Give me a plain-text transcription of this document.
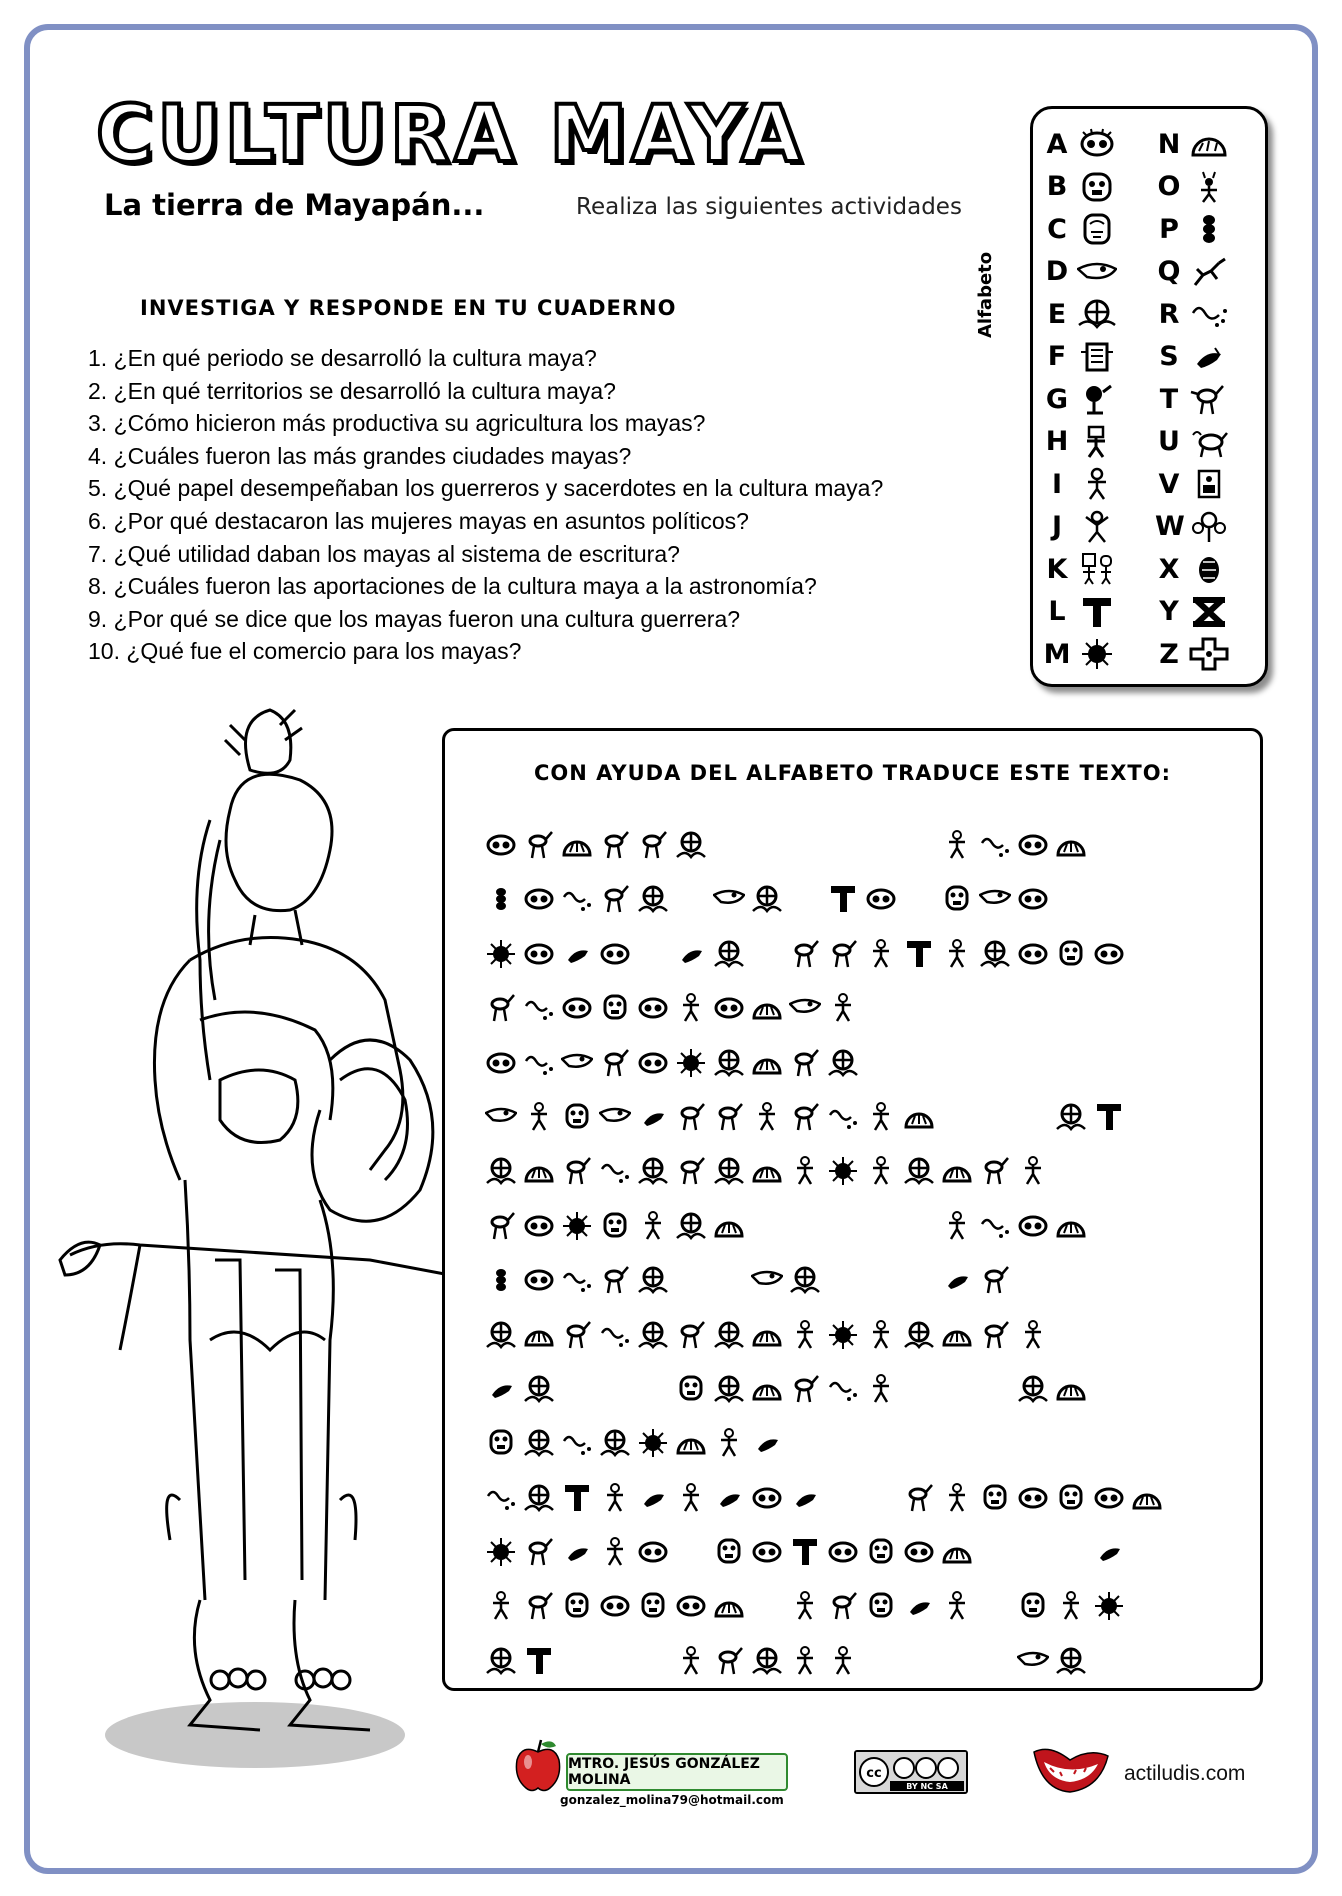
CULTURA MAYA
La tierra de Mayapán...	Realiza las siguientes actividades
INVESTIGA Y RESPONDE EN TU CUADERNO
1. ¿En qué periodo se desarrolló la cultura maya?
2. ¿En qué territorios se desarrolló la cultura maya?
3. ¿Cómo hicieron más productiva su agricultura los mayas?
4. ¿Cuáles fueron las más grandes ciudades mayas?
5. ¿Qué papel desempeñaban los guerreros y sacerdotes en la cultura maya?
6. ¿Por qué destacaron las mujeres mayas en asuntos políticos?
7. ¿Qué utilidad daban los mayas al sistema de escritura?
8. ¿Cuáles fueron las aportaciones de la cultura maya a la astronomía?
9. ¿Por qué se dice que los mayas fueron una cultura guerrera?
10. ¿Qué fue el comercio para los mayas?
Alfabeto
A
B
C
D
E
F
G
H
I
J
K
L
M
N
O
P
Q
R
S
T
U
V
W
X
Y
Z
CON AYUDA DEL ALFABETO TRADUCE ESTE TEXTO:
MTRO. JESÚS GONZÁLEZ MOLINA
gonzalez_molina79@hotmail.com
cc
BY NC SA
actiludis.com
